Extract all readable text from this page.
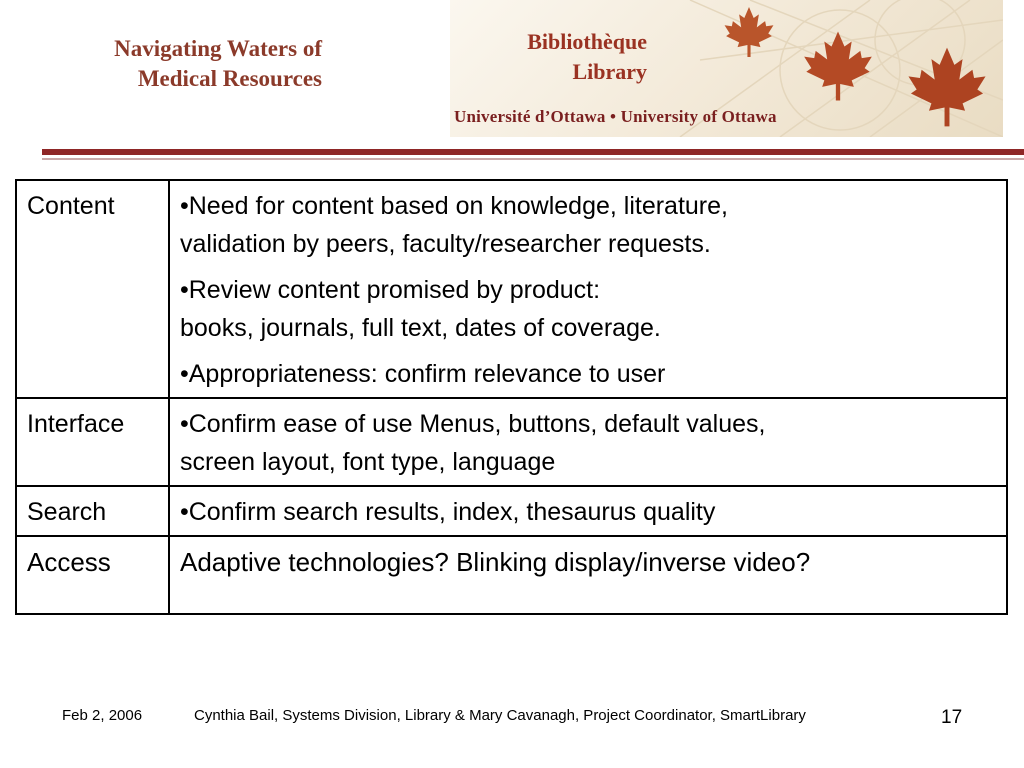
Navigating Waters of
Medical Resources
Bibliothèque
Library
Université d’Ottawa • University of Ottawa
Content	•Need for content based on knowledge, literature,
validation by peers, faculty/researcher requests.

•Review content promised by product:
books, journals, full text, dates of coverage.

•Appropriateness: confirm relevance to user

Interface	•Confirm ease of use Menus, buttons, default values,
screen layout, font type, language

Search	•Confirm search results, index, thesaurus quality

Access	Adaptive technologies? Blinking display/inverse video?

Feb 2, 2006	Cynthia Bail, Systems Division, Library & Mary Cavanagh, Project Coordinator, SmartLibrary	17
